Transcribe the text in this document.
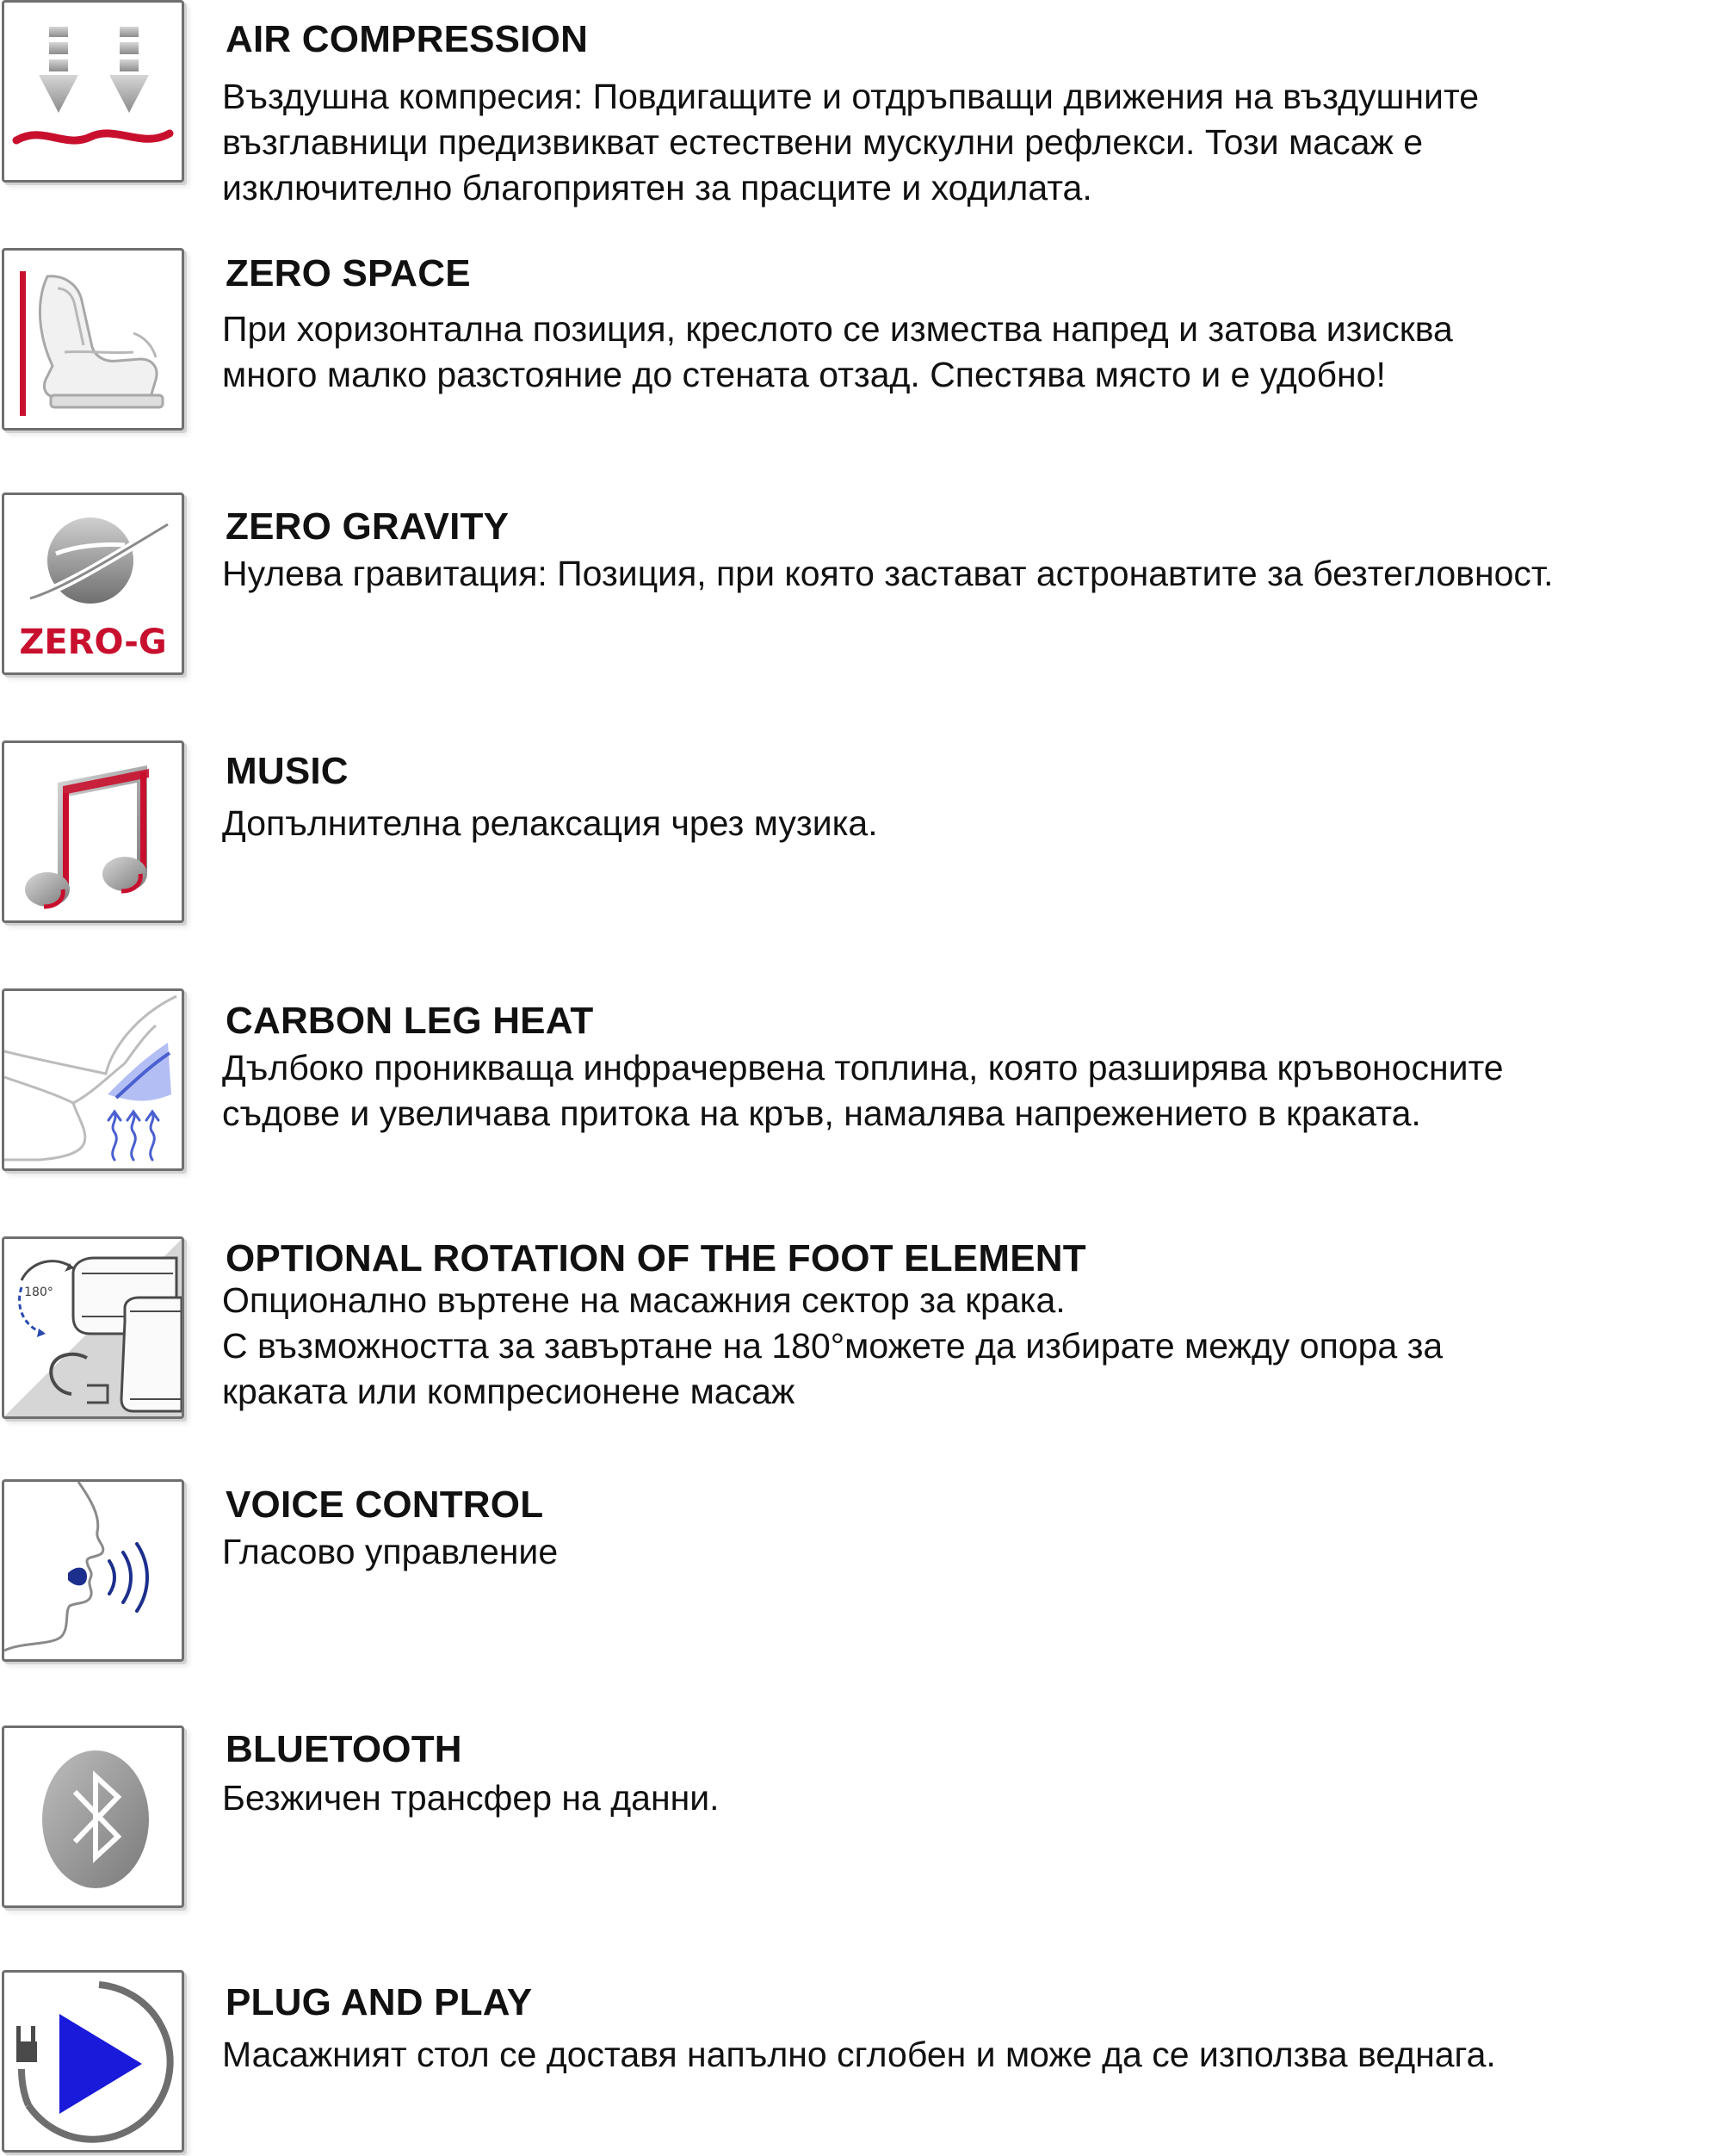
AIR COMPRESSION

Въздушна компресия: Повдигащите и отдръпващи движения на въздушните
възглавници предизвикват естествени мускулни рефлекси. Този масаж е
изключително благоприятен за прасците и ходилата.

ZERO SPACE

При хоризонтална позиция, креслото се измества напред и затова изисква
много малко разстояние до стената отзад. Спестява място и е удобно!

ZERO-G
ZERO GRAVITY

Нулева гравитация: Позиция, при която застават астронавтите за безтегловност.

MUSIC

Допълнителна релаксация чрез музика.

CARBON LEG HEAT

Дълбоко проникваща инфрачервена топлина, която разширява кръвоносните
съдове и увеличава притока на кръв, намалява напрежението в краката.

180°
OPTIONAL ROTATION OF THE FOOT ELEMENT

Опционално въртене на масажния сектор за крака.
С възможността за завъртане на 180°можете да избирате между опора за
краката или компресионене масаж

VOICE CONTROL

Гласово управление

BLUETOOTH

Безжичен трансфер на данни.

PLUG AND PLAY

Масажният стол се доставя напълно сглобен и може да се използва веднага.
